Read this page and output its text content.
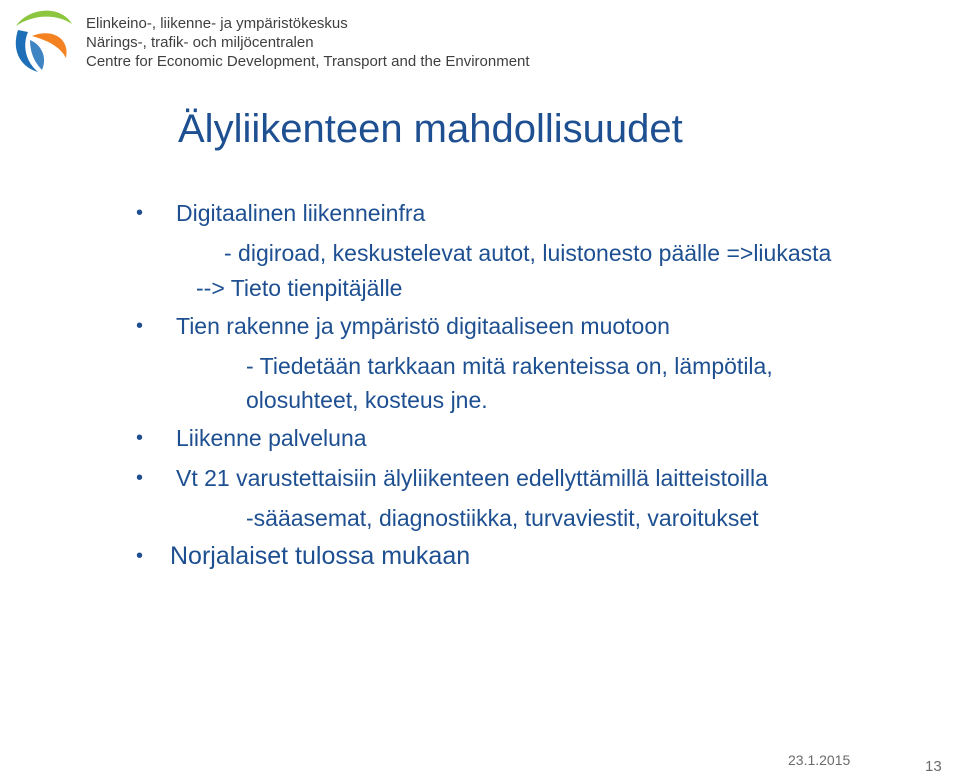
Elinkeino-, liikenne- ja ympäristökeskus
Närings-, trafik- och miljöcentralen
Centre for Economic Development, Transport and the Environment
Älyliikenteen mahdollisuudet
• Digitaalinen liikenneinfra
- digiroad, keskustelevat autot, luistonesto päälle =>liukasta
--> Tieto tienpitäjälle
• Tien rakenne ja ympäristö digitaaliseen muotoon
- Tiedetään tarkkaan mitä rakenteissa on, lämpötila,
olosuhteet, kosteus jne.
• Liikenne palveluna
• Vt 21 varustettaisiin älyliikenteen edellyttämillä laitteistoilla
-sääasemat, diagnostiikka, turvaviestit, varoitukset
• Norjalaiset tulossa mukaan
23.1.2015	13
